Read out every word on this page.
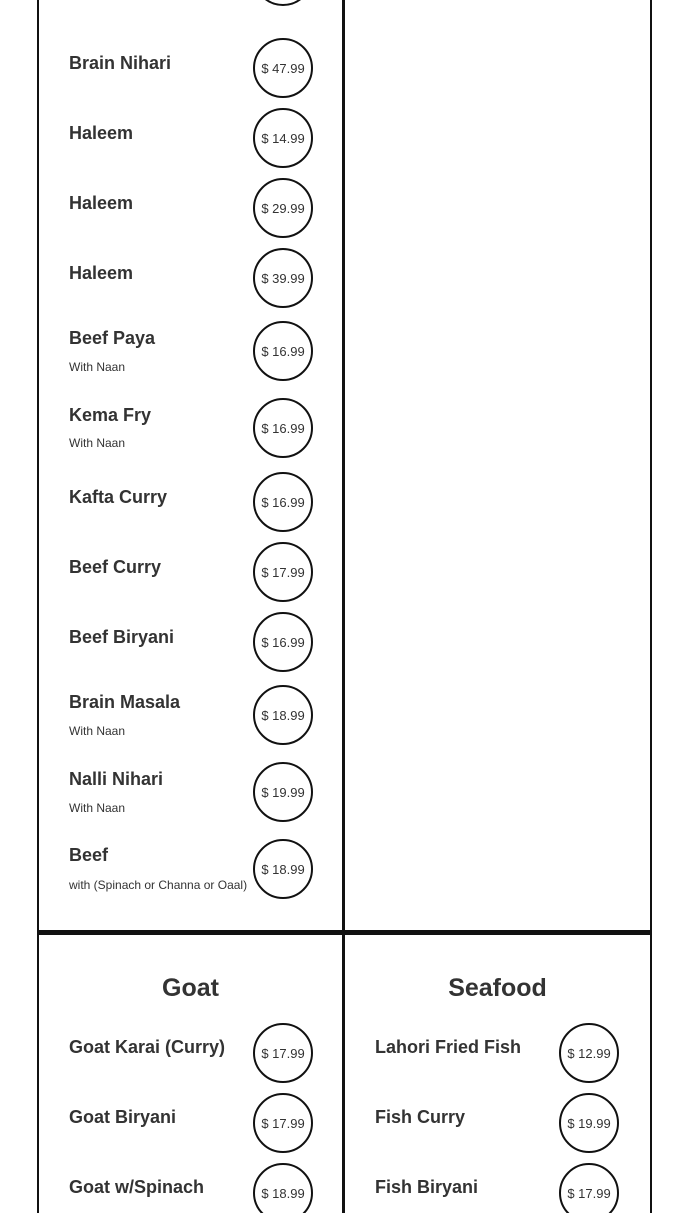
Brain Nihari	$ 47.99
Haleem	$ 14.99
Haleem	$ 29.99
Haleem	$ 39.99
Beef Paya
With Naan
$ 16.99
Kema Fry
With Naan
$ 16.99
Kafta Curry	$ 16.99
Beef Curry	$ 17.99
Beef Biryani	$ 16.99
Brain Masala
With Naan
$ 18.99
Nalli Nihari
With Naan
$ 19.99
Beef
with (Spinach or Channa or Oaal)
$ 18.99
Goat
Goat Karai (Curry)	$ 17.99
Goat Biryani	$ 17.99
Goat w/Spinach	$ 18.99
Seafood
Lahori Fried Fish	$ 12.99
Fish Curry	$ 19.99
Fish Biryani	$ 17.99
